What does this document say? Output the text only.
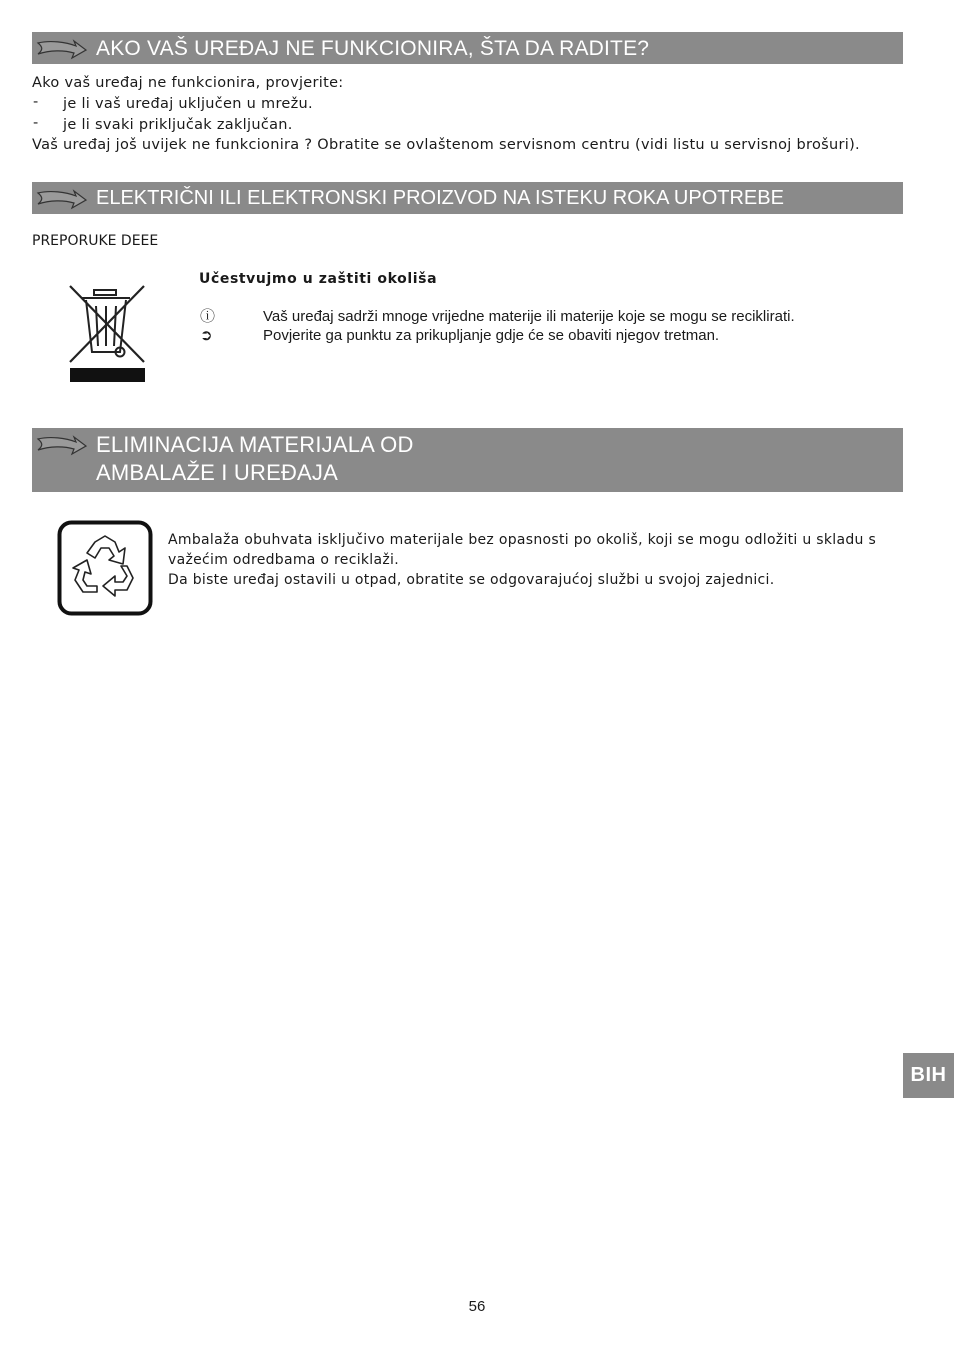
AKO VAŠ UREĐAJ NE FUNKCIONIRA, ŠTA DA RADITE?
Ako vaš uređaj ne funkcionira, provjerite:
- je li vaš uređaj uključen u mrežu.
- je li svaki priključak zaključan.
Vaš uređaj još uvijek ne funkcionira ? Obratite se ovlaštenom servisnom centru (vidi listu u servisnoj brošuri).
ELEKTRIČNI ILI ELEKTRONSKI PROIZVOD NA ISTEKU ROKA UPOTREBE
PREPORUKE DEEE
Učestvujmo u zaštiti okoliša
ⓘ	Vaš uređaj sadrži mnoge vrijedne materije ili materije koje se mogu se reciklirati.
➲	Povjerite ga punktu za prikupljanje gdje će se obaviti njegov tretman.
ELIMINACIJA MATERIJALA OD
AMBALAŽE I UREĐAJA
Ambalaža obuhvata isključivo materijale bez opasnosti po okoliš, koji se mogu odložiti u skladu s
važećim odredbama o reciklaži.
Da biste uređaj ostavili u otpad, obratite se odgovarajućoj službi u svojoj zajednici.
BIH
56
